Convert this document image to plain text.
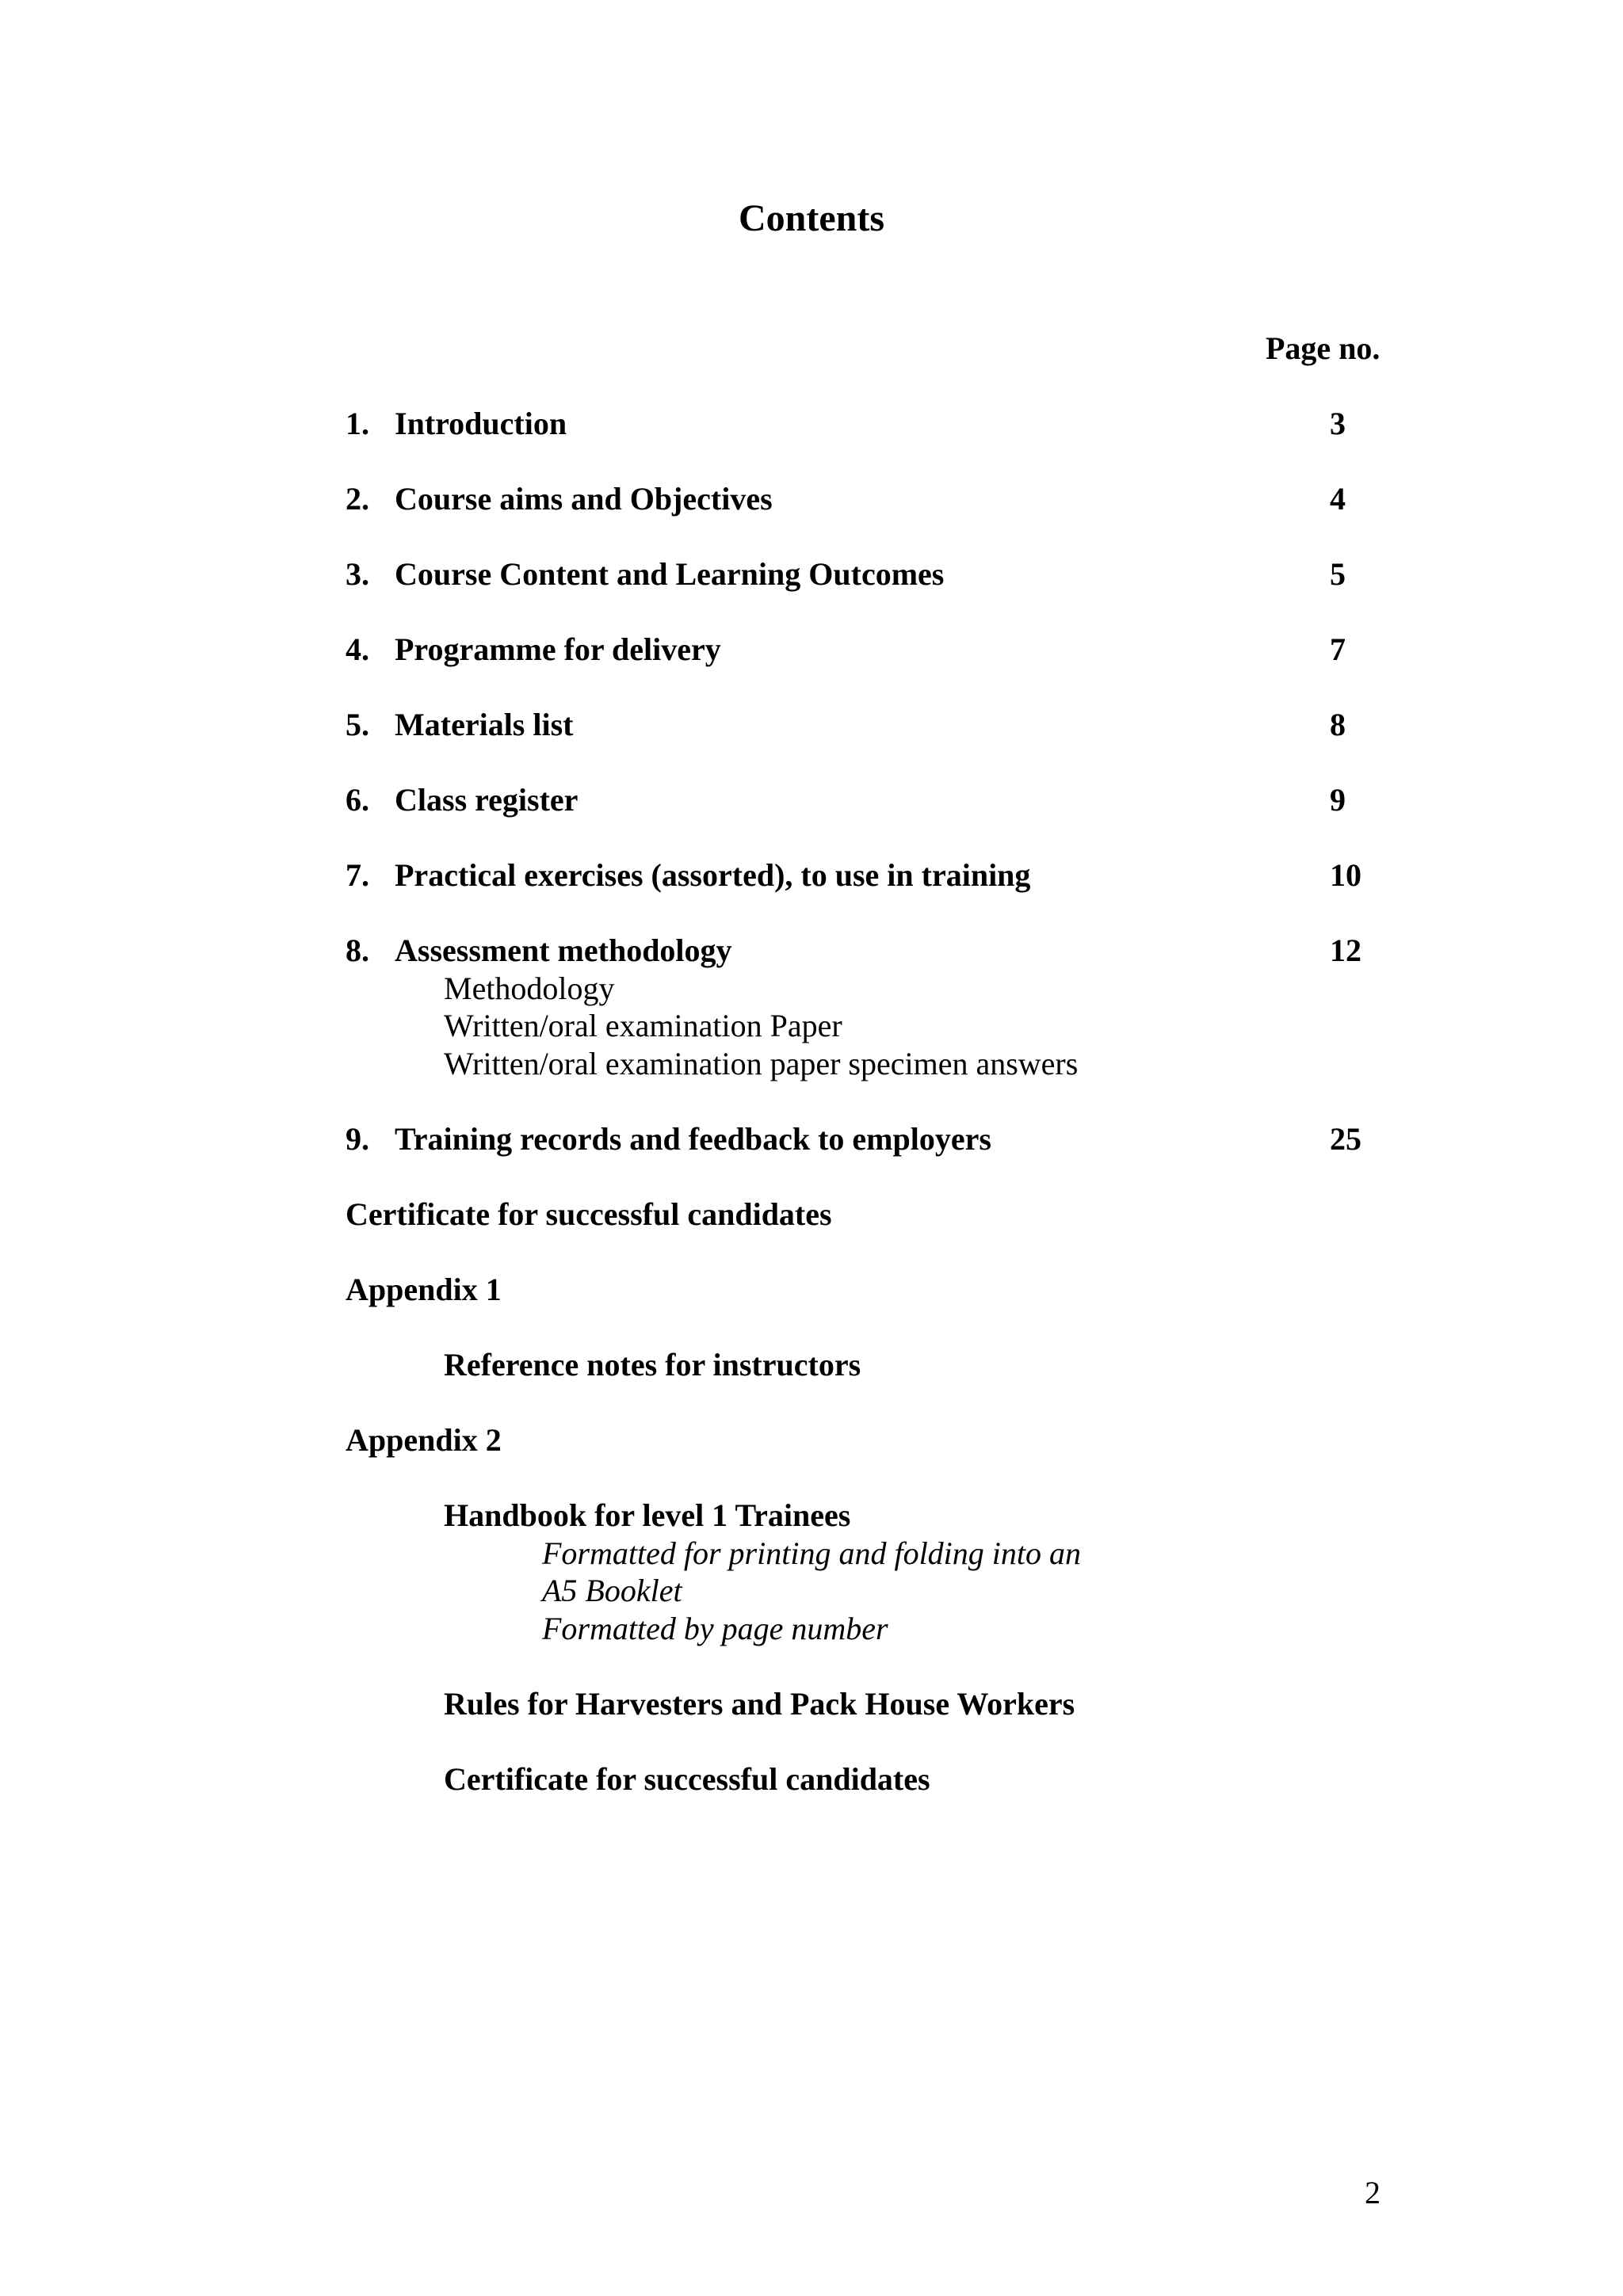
Contents
Page no.
1. Introduction	3
2. Course aims and Objectives	4
3. Course Content and Learning Outcomes	5
4. Programme for delivery	7
5. Materials list	8
6. Class register	9
7. Practical exercises (assorted), to use in training	10
8. Assessment methodology	12
Methodology
Written/oral examination Paper
Written/oral examination paper specimen answers
9. Training records and feedback to employers	25
Certificate for successful candidates
Appendix 1
Reference notes for instructors
Appendix 2
Handbook for level 1 Trainees
Formatted for printing and folding into an
A5 Booklet
Formatted by page number
Rules for Harvesters and Pack House Workers
Certificate for successful candidates
2
